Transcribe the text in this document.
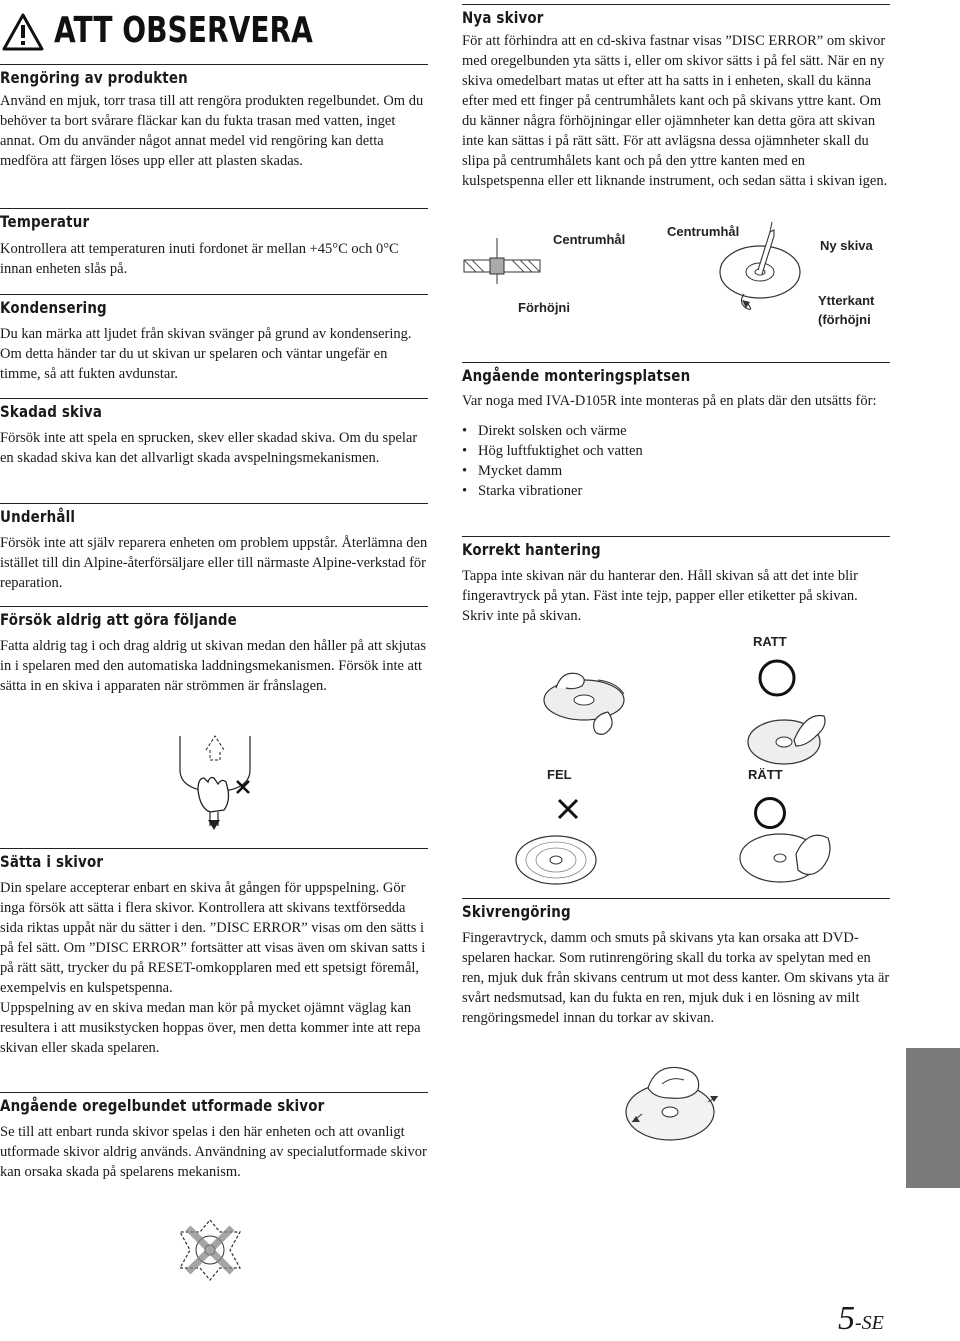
ATT OBSERVERA
Rengöring av produkten

Använd en mjuk, torr trasa till att rengöra produkten regelbundet. Om du behöver ta bort svårare fläckar kan du fukta trasan med vatten, inget annat. Om du använder något annat medel vid rengöring kan detta medföra att färgen löses upp eller att plasten skadas.

Temperatur

Kontrollera att temperaturen inuti fordonet är mellan +45°C och 0°C innan enheten slås på.

Kondensering

Du kan märka att ljudet från skivan svänger på grund av kondensering. Om detta händer tar du ut skivan ur spelaren och väntar ungefär en timme, så att fukten avdunstar.

Skadad skiva

Försök inte att spela en sprucken, skev eller skadad skiva. Om du spelar en skadad skiva kan det allvarligt skada avspelningsmekanismen.

Underhåll

Försök inte att själv reparera enheten om problem uppstår. Återlämna den istället till din Alpine-återförsäljare eller till närmaste Alpine-verkstad för reparation.

Försök aldrig att göra följande

Fatta aldrig tag i och drag aldrig ut skivan medan den håller på att skjutas in i spelaren med den automatiska laddningsmekanismen. Försök inte att sätta in en skiva i apparaten när strömmen är frånslagen.

Sätta i skivor

Din spelare accepterar enbart en skiva åt gången för uppspelning. Gör inga försök att sätta i flera skivor. Kontrollera att skivans textförsedda sida riktas uppåt när du sätter i den. ”DISC ERROR” visas om den sätts i på fel sätt. Om ”DISC ERROR” fortsätter att visas även om skivan satts i på rätt sätt, trycker du på RESET-omkopplaren med ett spetsigt föremål, exempelvis en kulspetspenna.

Uppspelning av en skiva medan man kör på mycket ojämnt väglag kan resultera i att musikstycken hoppas över, men detta kommer inte att repa skivan eller skada spelaren.

Angående oregelbundet utformade skivor

Se till att enbart runda skivor spelas i den här enheten och att ovanligt utformade skivor aldrig används. Användning av specialutformade skivor kan orsaka skada på spelarens mekanism.

Nya skivor

För att förhindra att en cd-skiva fastnar visas ”DISC ERROR” om skivor med oregelbunden yta sätts i, eller om skivor sätts i på fel sätt. När en ny skiva omedelbart matas ut efter att ha satts in i enheten, skall du känna efter med ett finger på centrumhålets kant och på skivans yttre kant. Om du känner några förhöjningar eller ojämnheter kan detta göra att skivan inte kan sättas i på rätt sätt. För att avlägsna dessa ojämnheter skall du slipa på centrumhålets kant och på den yttre kanten med en kulspetspenna eller ett liknande instrument, och sedan sätta i skivan igen.

Centrumhål
Centrumhål
Ny skiva
Förhöjni	Ytterkant
(förhöjni
Angående monteringsplatsen

Var noga med IVA-D105R inte monteras på en plats där den utsätts för:

• Direkt solsken och värme
• Hög luftfuktighet och vatten
• Mycket damm
• Starka vibrationer
Korrekt hantering

Tappa inte skivan när du hanterar den. Håll skivan så att det inte blir fingeravtryck på ytan. Fäst inte tejp, papper eller etiketter på skivan. Skriv inte på skivan.

RATT
FEL	RÄTT
Skivrengöring

Fingeravtryck, damm och smuts på skivans yta kan orsaka att DVD-spelaren hackar. Som rutinrengöring skall du torka av spelytan med en ren, mjuk duk från skivans centrum ut mot dess kanter. Om skivans yta är svårt nedsmutsad, kan du fukta en ren, mjuk duk i en lösning av milt rengöringsmedel innan du torkar av skivan.

5-SE
